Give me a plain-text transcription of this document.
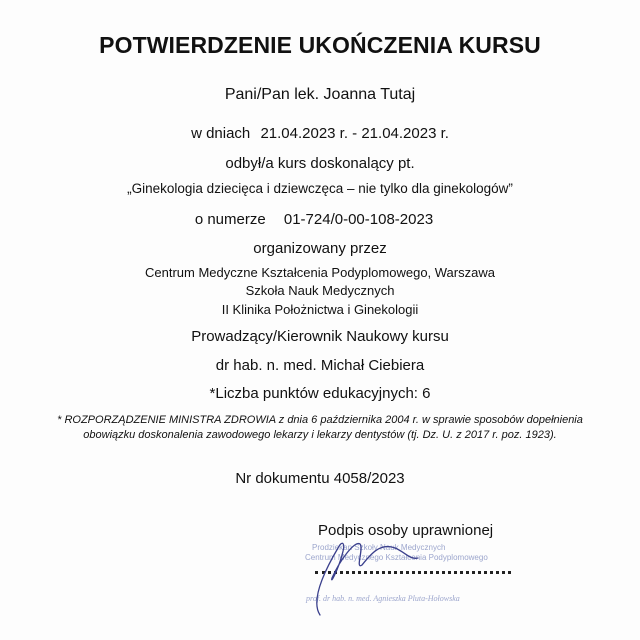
POTWIERDZENIE UKOŃCZENIA KURSU
Pani/Pan lek. Joanna Tutaj
w dniach 21.04.2023 r. - 21.04.2023 r.
odbył/a kurs doskonalący pt.
„Ginekologia dziecięca i dziewczęca – nie tylko dla ginekologów”
o numerze 01-724/0-00-108-2023
organizowany przez
Centrum Medyczne Kształcenia Podyplomowego, Warszawa
Szkoła Nauk Medycznych
II Klinika Położnictwa i Ginekologii
Prowadzący/Kierownik Naukowy kursu
dr hab. n. med. Michał Ciebiera
*Liczba punktów edukacyjnych: 6
* ROZPORZĄDZENIE MINISTRA ZDROWIA z dnia 6 października 2004 r. w sprawie sposobów dopełnienia obowiązku doskonalenia zawodowego lekarzy i lekarzy dentystów (tj. Dz. U. z 2017 r. poz. 1923).
Nr dokumentu 4058/2023
Podpis osoby uprawnionej
Prodziekan Szkoły Nauk Medycznych
Centrum Medycznego Kształcenia Podyplomowego
prof. dr hab. n. med. Agnieszka Pluta-Hołowska
